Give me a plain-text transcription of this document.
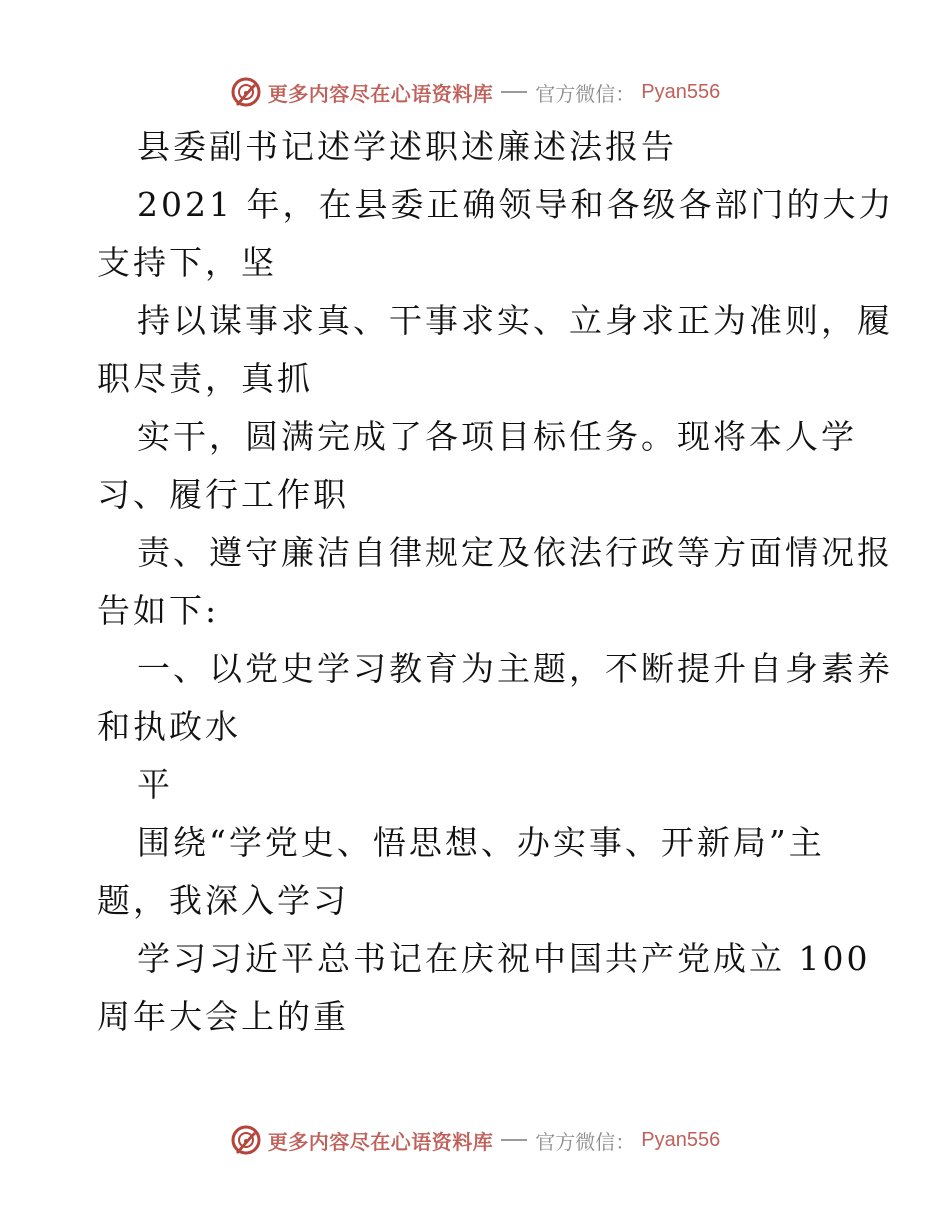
更多内容尽在心语资料库 官方微信： Pyan556
县委副书记述学述职述廉述法报告
2021 年，在县委正确领导和各级各部门的大力
支持下，坚
持以谋事求真、干事求实、立身求正为准则，履
职尽责，真抓
实干，圆满完成了各项目标任务。现将本人学
习、履行工作职
责、遵守廉洁自律规定及依法行政等方面情况报
告如下:
一、以党史学习教育为主题，不断提升自身素养
和执政水
平
围绕“学党史、悟思想、办实事、开新局”主
题，我深入学习
学习习近平总书记在庆祝中国共产党成立 100
周年大会上的重
更多内容尽在心语资料库 官方微信： Pyan556
